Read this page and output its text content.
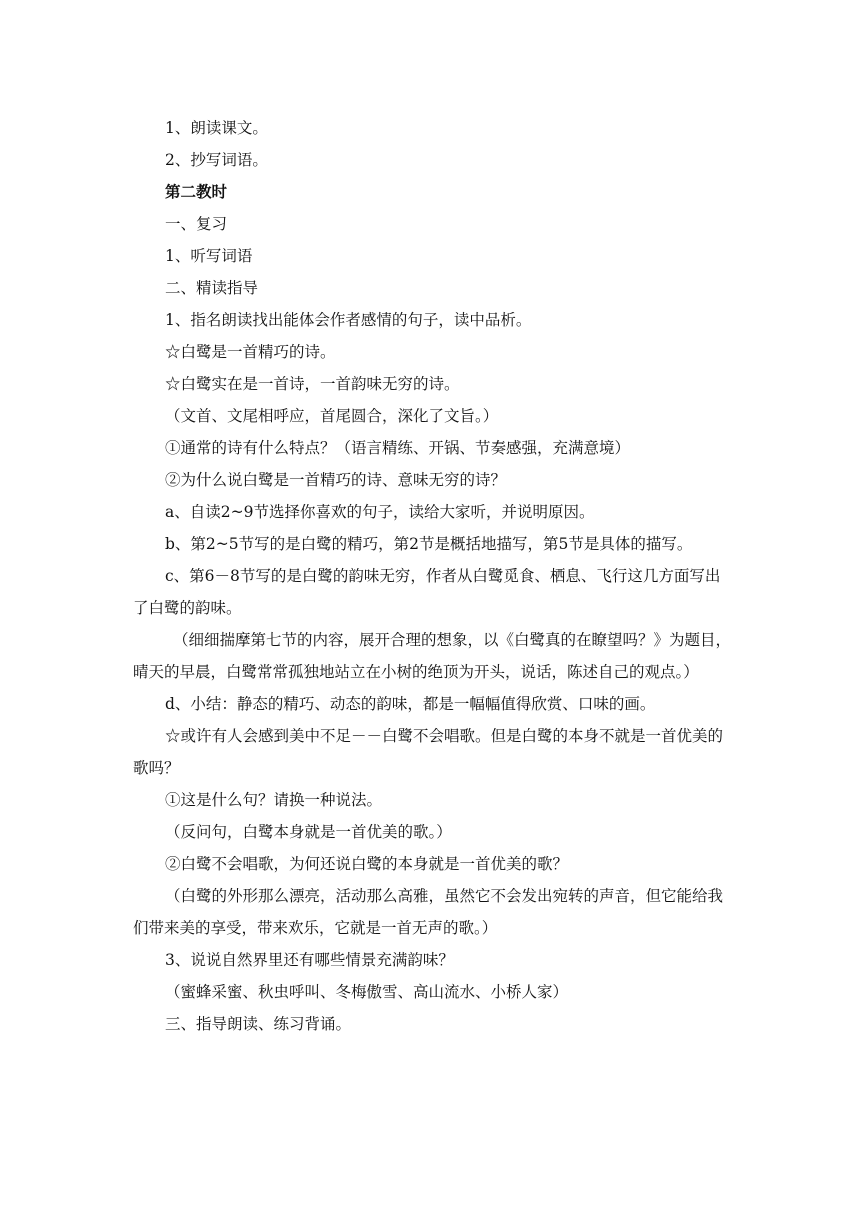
1、朗读课文。

2、抄写词语。

第二教时

一、复习

1、听写词语

二、精读指导

1、指名朗读找出能体会作者感情的句子，读中品析。

☆白鹭是一首精巧的诗。

☆白鹭实在是一首诗，一首韵味无穷的诗。

（文首、文尾相呼应，首尾圆合，深化了文旨。）

①通常的诗有什么特点？（语言精练、开锅、节奏感强，充满意境）

②为什么说白鹭是一首精巧的诗、意味无穷的诗？

a、自读2~9节选择你喜欢的句子，读给大家听，并说明原因。

b、第2~5节写的是白鹭的精巧，第2节是概括地描写，第5节是具体的描写。

c、第6－8节写的是白鹭的韵味无穷，作者从白鹭觅食、栖息、飞行这几方面写出了白鹭的韵味。

（细细揣摩第七节的内容，展开合理的想象，以《白鹭真的在瞭望吗？》为题目，晴天的早晨，白鹭常常孤独地站立在小树的绝顶为开头，说话，陈述自己的观点。）

d、小结：静态的精巧、动态的韵味，都是一幅幅值得欣赏、口味的画。

☆或许有人会感到美中不足－－白鹭不会唱歌。但是白鹭的本身不就是一首优美的歌吗？

①这是什么句？请换一种说法。

（反问句，白鹭本身就是一首优美的歌。）

②白鹭不会唱歌，为何还说白鹭的本身就是一首优美的歌？

（白鹭的外形那么漂亮，活动那么高雅，虽然它不会发出宛转的声音，但它能给我们带来美的享受，带来欢乐，它就是一首无声的歌。）

3、说说自然界里还有哪些情景充满韵味？

（蜜蜂采蜜、秋虫呼叫、冬梅傲雪、高山流水、小桥人家）

三、指导朗读、练习背诵。
